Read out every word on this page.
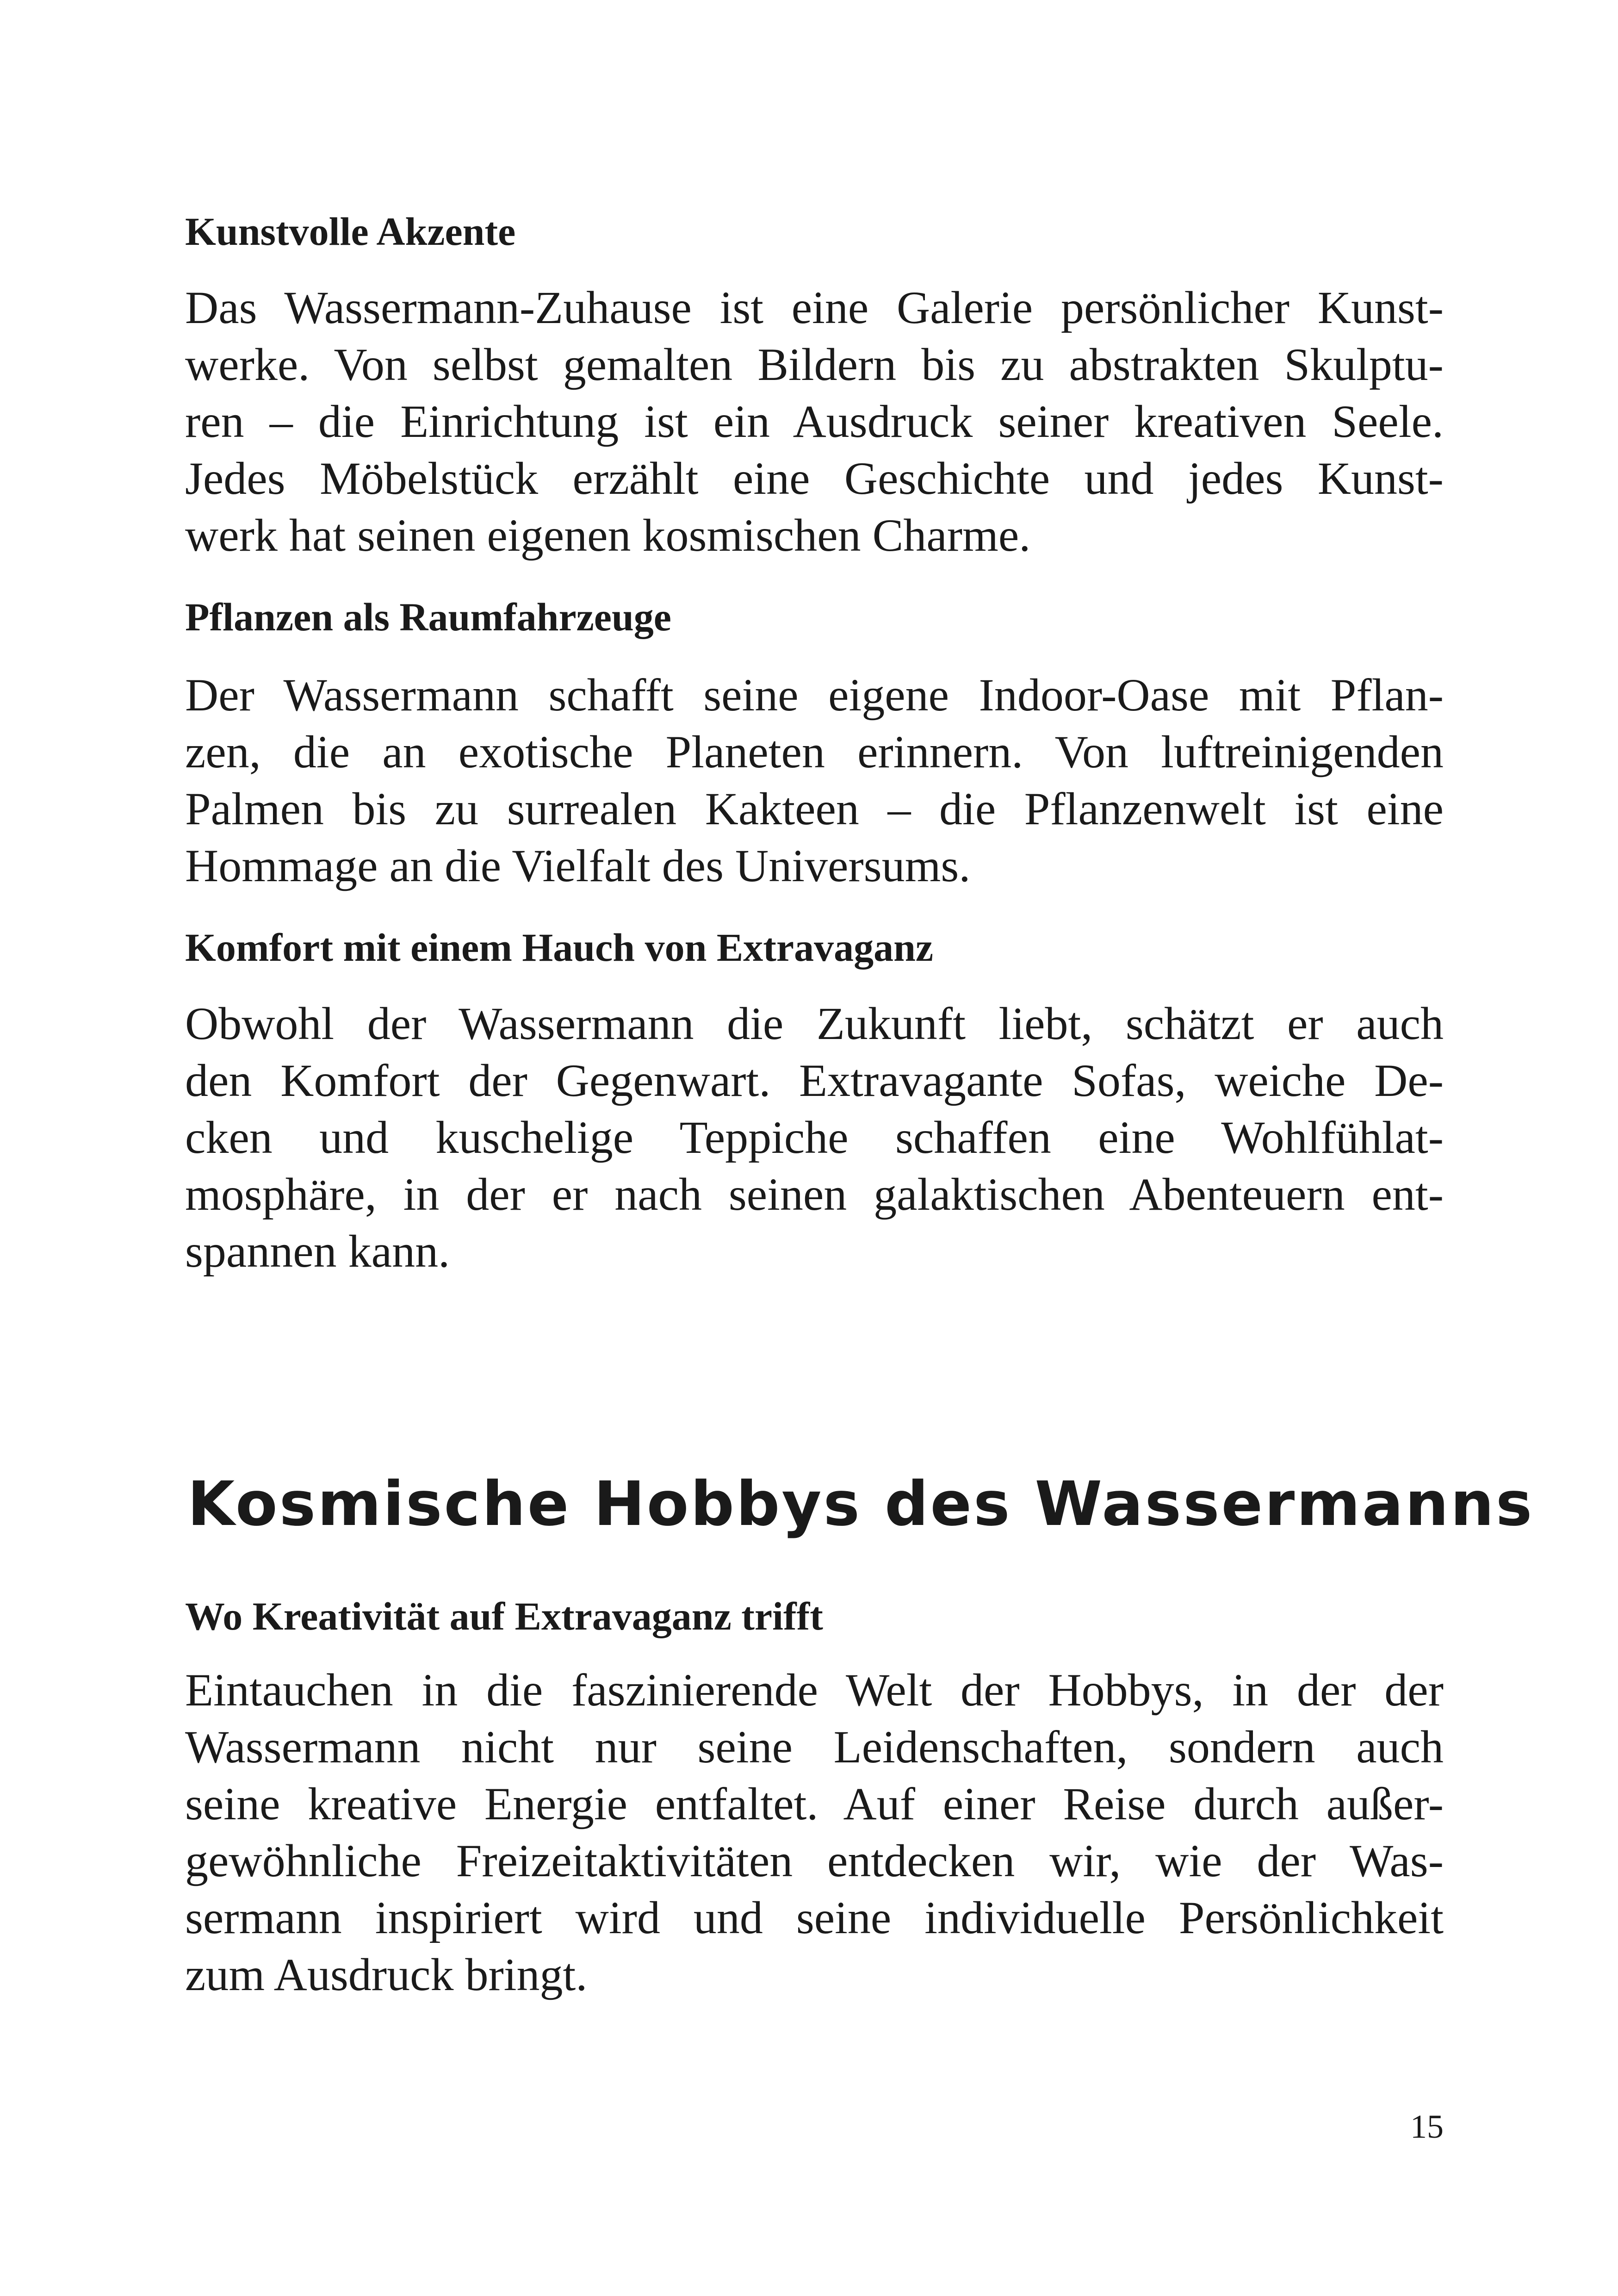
Kunstvolle Akzente
Das Wassermann-Zuhause ist eine Galerie persönlicher Kunst-
werke. Von selbst gemalten Bildern bis zu abstrakten Skulptu-
ren – die Einrichtung ist ein Ausdruck seiner kreativen Seele.
Jedes Möbelstück erzählt eine Geschichte und jedes Kunst-
werk hat seinen eigenen kosmischen Charme.
Pflanzen als Raumfahrzeuge
Der Wassermann schafft seine eigene Indoor-Oase mit Pflan-
zen, die an exotische Planeten erinnern. Von luftreinigenden
Palmen bis zu surrealen Kakteen – die Pflanzenwelt ist eine
Hommage an die Vielfalt des Universums.
Komfort mit einem Hauch von Extravaganz
Obwohl der Wassermann die Zukunft liebt, schätzt er auch
den Komfort der Gegenwart. Extravagante Sofas, weiche De-
cken und kuschelige Teppiche schaffen eine Wohlfühlat-
mosphäre, in der er nach seinen galaktischen Abenteuern ent-
spannen kann.
Kosmische Hobbys des Wassermanns
Wo Kreativität auf Extravaganz trifft
Eintauchen in die faszinierende Welt der Hobbys, in der der
Wassermann nicht nur seine Leidenschaften, sondern auch
seine kreative Energie entfaltet. Auf einer Reise durch außer-
gewöhnliche Freizeitaktivitäten entdecken wir, wie der Was-
sermann inspiriert wird und seine individuelle Persönlichkeit
zum Ausdruck bringt.
15
